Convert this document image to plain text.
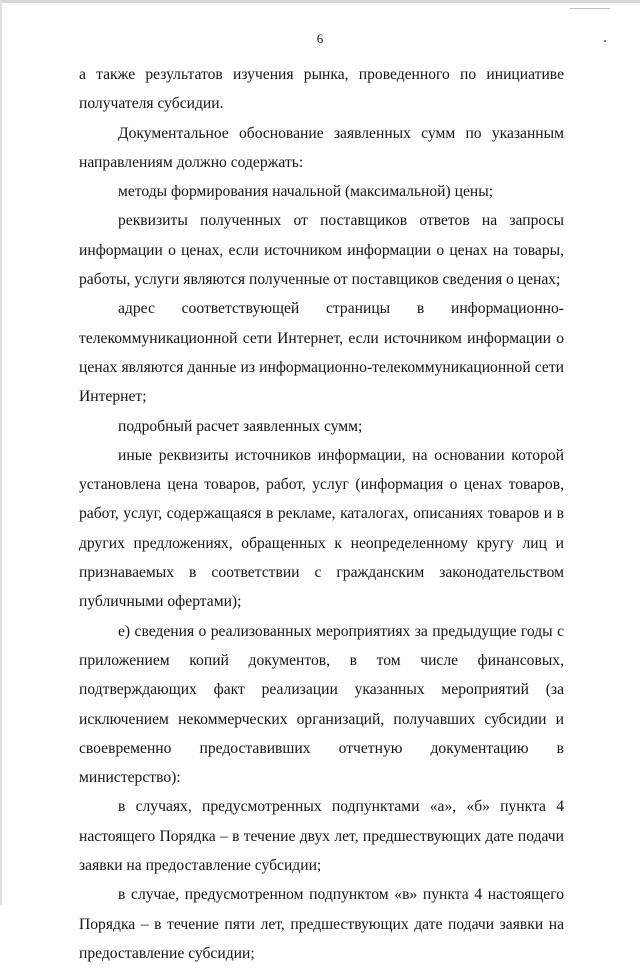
6

а также результатов изучения рынка, проведенного по инициативе получателя субсидии.

Документальное обоснование заявленных сумм по указанным направлениям должно содержать:

методы формирования начальной (максимальной) цены;

реквизиты полученных от поставщиков ответов на запросы информации о ценах, если источником информации о ценах на товары, работы, услуги являются полученные от поставщиков сведения о ценах;

адрес соответствующей страницы в информационно-телекоммуникационной сети Интернет, если источником информации о ценах являются данные из информационно-телекоммуникационной сети Интернет;

подробный расчет заявленных сумм;

иные реквизиты источников информации, на основании которой установлена цена товаров, работ, услуг (информация о ценах товаров, работ, услуг, содержащаяся в рекламе, каталогах, описаниях товаров и в других предложениях, обращенных к неопределенному кругу лиц и признаваемых в соответствии с гражданским законодательством публичными офертами);

е) сведения о реализованных мероприятиях за предыдущие годы с приложением копий документов, в том числе финансовых, подтверждающих факт реализации указанных мероприятий (за исключением некоммерческих организаций, получавших субсидии и своевременно предоставивших отчетную документацию в министерство):

в случаях, предусмотренных подпунктами «а», «б» пункта 4 настоящего Порядка – в течение двух лет, предшествующих дате подачи заявки на предоставление субсидии;

в случае, предусмотренном подпунктом «в» пункта 4 настоящего Порядка – в течение пяти лет, предшествующих дате подачи заявки на предоставление субсидии;
